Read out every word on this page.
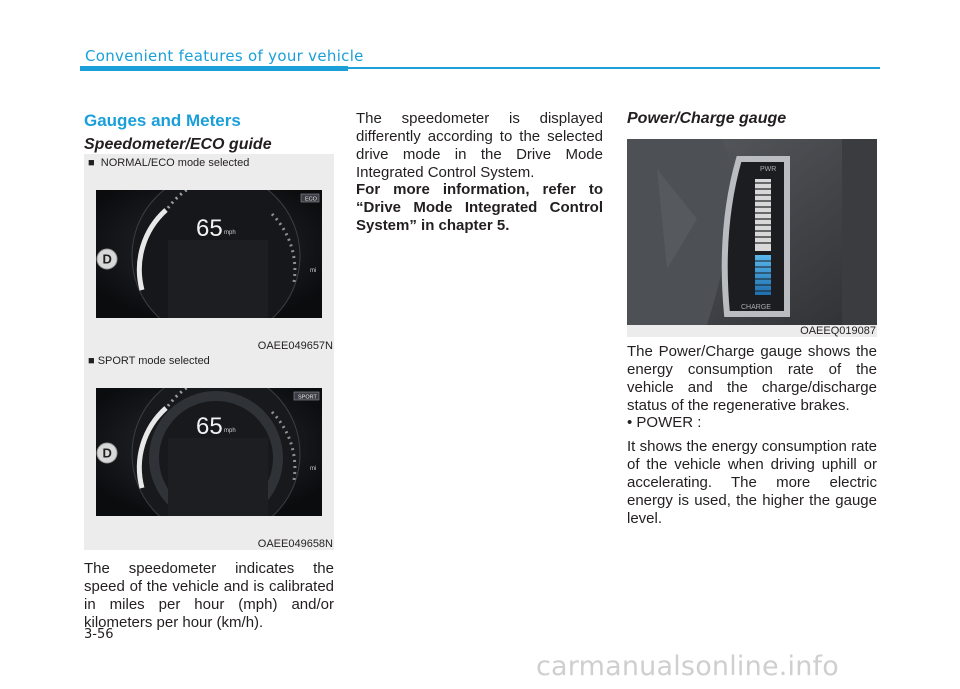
Convenient features of your vehicle
Gauges and Meters
Speedometer/ECO guide
■  NORMAL/ECO mode selected
65 mph
ECO
mi
D
OAEE049657N
■ SPORT mode selected
65 mph
SPORT
mi
D
OAEE049658N

The speedometer indicates the speed of the vehicle and is calibrated in miles per hour (mph) and/or kilometers per hour (km/h).

The speedometer is displayed differently according to the selected drive mode in the Drive Mode Integrated Control System.

For more information, refer to “Drive Mode Integrated Control System” in chapter 5.

Power/Charge gauge
PWR
CHARGE
OAEEQ019087

The Power/Charge gauge shows the energy consumption rate of the vehicle and the charge/discharge status of the regenerative brakes.

• POWER :

It shows the energy consumption rate of the vehicle when driving uphill or accelerating. The more electric energy is used, the higher the gauge level.

3-56
carmanualsonline.info
